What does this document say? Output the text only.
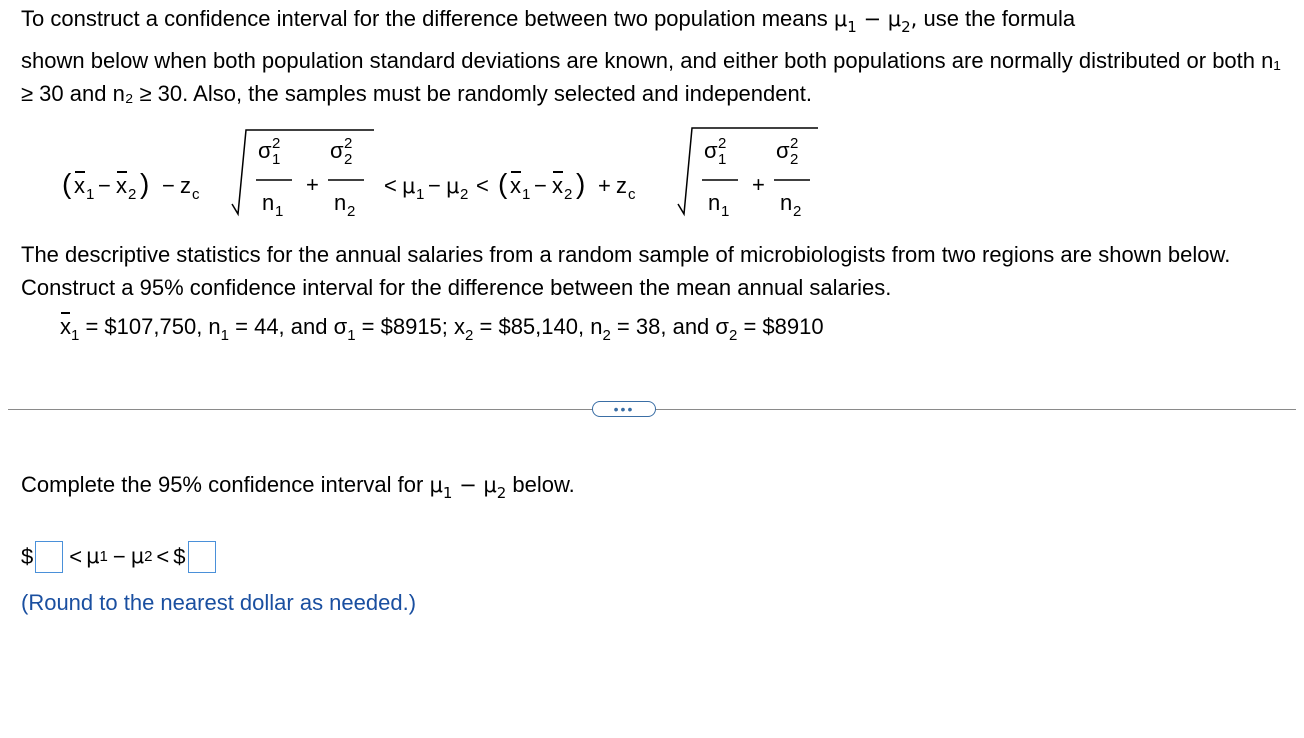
To construct a confidence interval for the difference between two population means $\mu_1 - \mu_2$, use the formula
shown below when both population standard deviations are known, and either both populations are normally distributed or both n₁ ≥ 30 and n₂ ≥ 30. Also, the samples must be randomly selected and independent.
( x 1 − x 2 ) − z c
σ 2
1
n 1
+
σ 2
2
n 2
< μ 1 − μ 2 < ( x 1 − x 2 ) + z c
σ 2
1
n 1
+
σ 2
2
n 2
The descriptive statistics for the annual salaries from a random sample of microbiologists from two regions are shown below. Construct a 95% confidence interval for the difference between the mean annual salaries.
$x_1$ = $107,750, $n_1 = 44$, and $\sigma_1$ = $8915; $x_2$ = $85,140, $n_2 = 38$, and $\sigma_2$ = $8910
•••
Complete the 95% confidence interval for $\mu_1 - \mu_2$ below.
$ < μ 1 − μ 2 < $
(Round to the nearest dollar as needed.)
